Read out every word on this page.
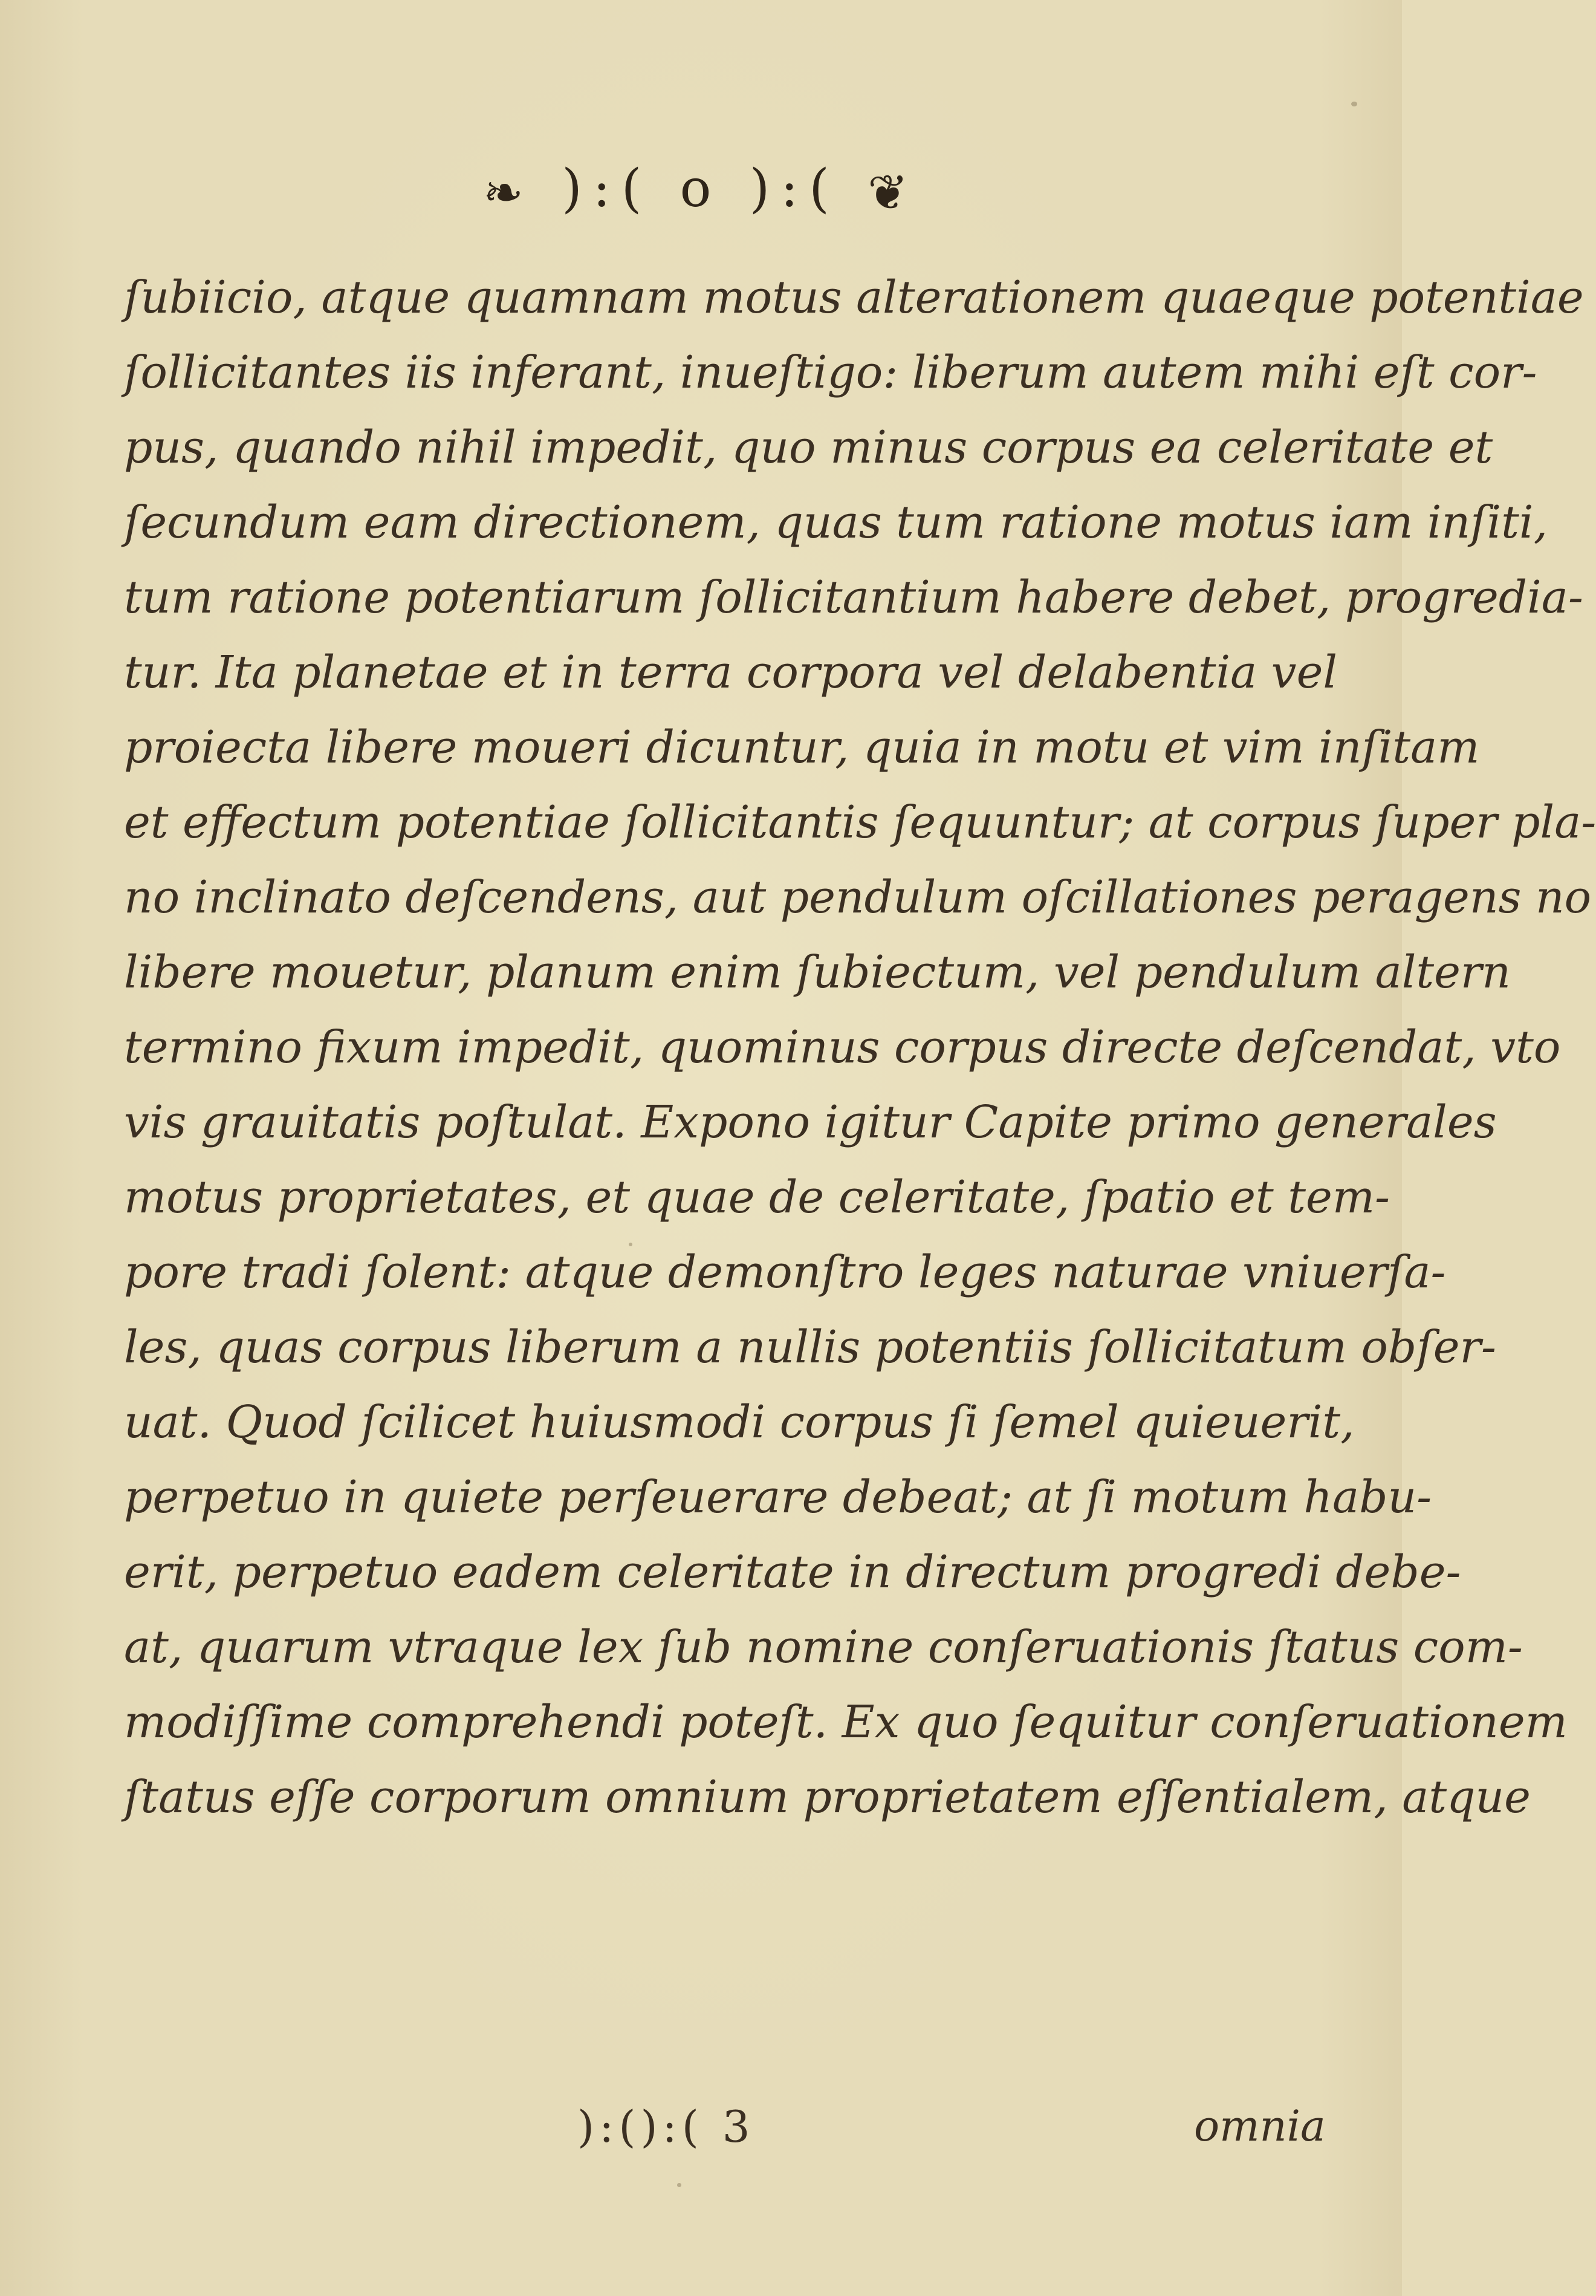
❧ ):( o ):( ❦
ſubiicio, atque quamnam motus alterationem quaeque potentiae
ſollicitantes iis inferant, inueſtigo: liberum autem mihi eſt cor-
pus, quando nihil impedit, quo minus corpus ea celeritate et
ſecundum eam directionem, quas tum ratione motus iam inſiti,
tum ratione potentiarum ſollicitantium habere debet, progredia-
tur. Ita planetae et in terra corpora vel delabentia vel
proiecta libere moueri dicuntur, quia in motu et vim inſitam
et effectum potentiae ſollicitantis ſequuntur; at corpus ſuper pla-
no inclinato deſcendens, aut pendulum oſcillationes peragens no
libere mouetur, planum enim ſubiectum, vel pendulum altern
termino fixum impedit, quominus corpus directe deſcendat, vto
vis grauitatis poſtulat. Expono igitur Capite primo generales
motus proprietates, et quae de celeritate, ſpatio et tem-
pore tradi ſolent: atque demonſtro leges naturae vniuerſa-
les, quas corpus liberum a nullis potentiis ſollicitatum obſer-
uat. Quod ſcilicet huiusmodi corpus ſi ſemel quieuerit,
perpetuo in quiete perſeuerare debeat; at ſi motum habu-
erit, perpetuo eadem celeritate in directum progredi debe-
at, quarum vtraque lex ſub nomine conſeruationis ſtatus com-
modiſſime comprehendi poteſt. Ex quo ſequitur conſeruationem
ſtatus eſſe corporum omnium proprietatem eſſentialem, atque
):():( 3	omnia
